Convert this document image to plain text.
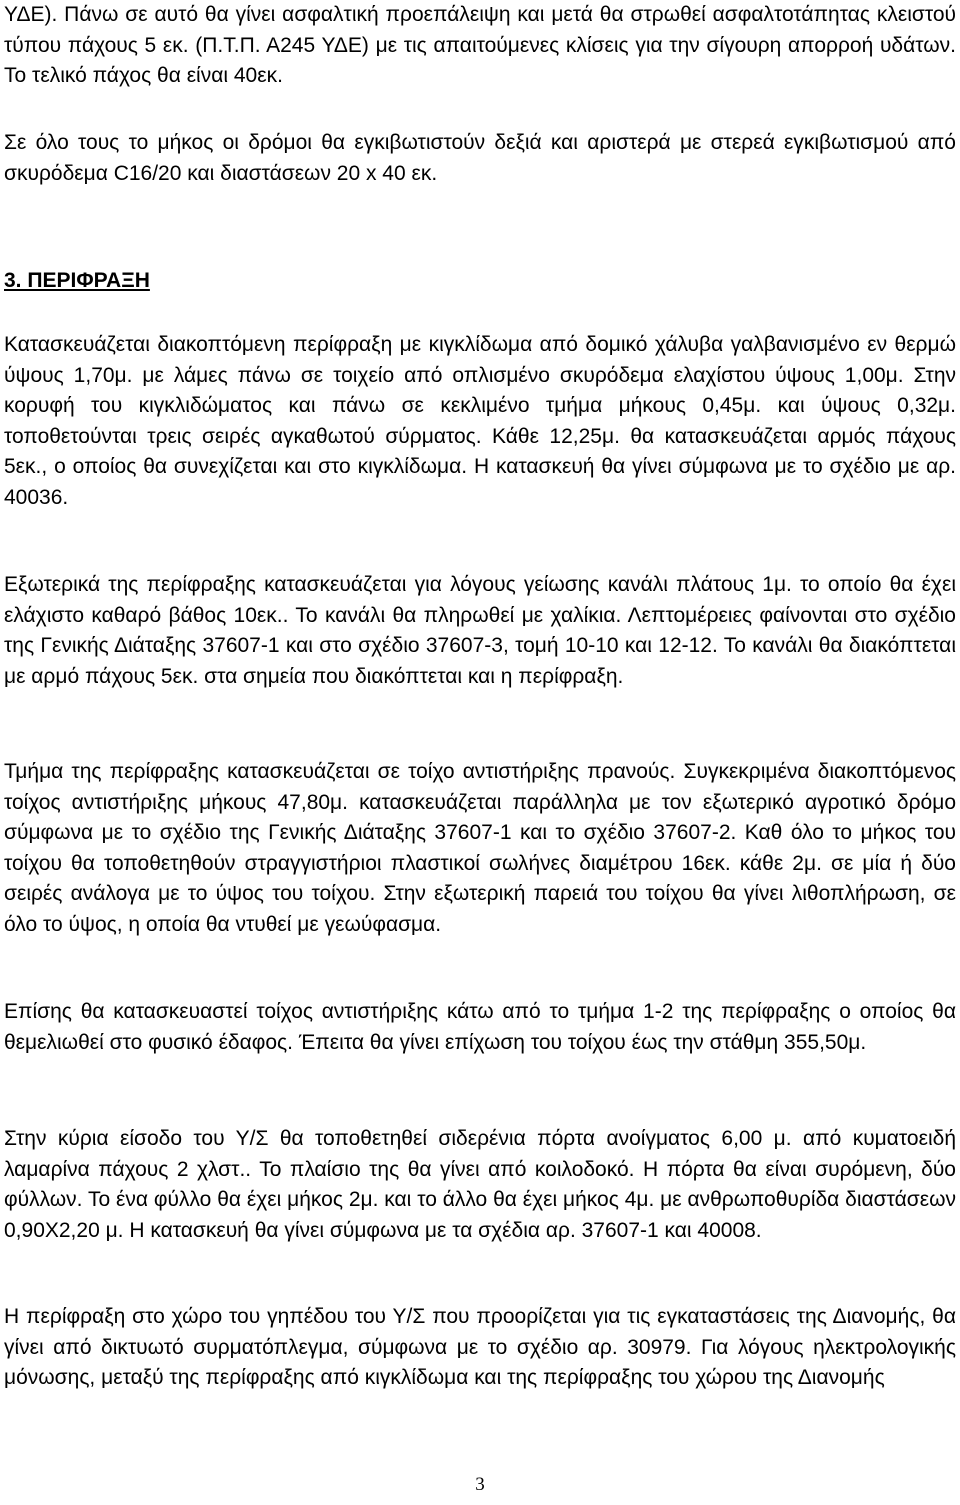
ΥΔΕ). Πάνω σε αυτό θα γίνει ασφαλτική προεπάλειψη και μετά θα στρωθεί ασφαλτοτάπητας κλειστού τύπου πάχους 5 εκ. (Π.Τ.Π. Α245 ΥΔΕ) με τις απαιτούμενες κλίσεις για την σίγουρη απορροή υδάτων. Το τελικό πάχος θα είναι 40εκ.

Σε όλο τους το μήκος οι δρόμοι θα εγκιβωτιστούν δεξιά και αριστερά με στερεά εγκιβωτισμού από σκυρόδεμα C16/20 και διαστάσεων 20 x 40 εκ.

3. ΠΕΡΙΦΡΑΞΗ

Κατασκευάζεται διακοπτόμενη περίφραξη με κιγκλίδωμα από δομικό χάλυβα γαλβανισμένο εν θερμώ ύψους 1,70μ. με λάμες πάνω σε τοιχείο από οπλισμένο σκυρόδεμα ελαχίστου ύψους 1,00μ. Στην κορυφή του κιγκλιδώματος και πάνω σε κεκλιμένο τμήμα μήκους 0,45μ. και ύψους 0,32μ. τοποθετούνται τρεις σειρές αγκαθωτού σύρματος. Κάθε 12,25μ. θα κατασκευάζεται αρμός πάχους 5εκ., ο οποίος θα συνεχίζεται και στο κιγκλίδωμα. Η κατασκευή θα γίνει σύμφωνα με το σχέδιο με αρ. 40036.

Εξωτερικά της περίφραξης κατασκευάζεται για λόγους γείωσης κανάλι πλάτους 1μ. το οποίο θα έχει ελάχιστο καθαρό βάθος 10εκ.. Το κανάλι θα πληρωθεί με χαλίκια. Λεπτομέρειες φαίνονται στο σχέδιο της Γενικής Διάταξης 37607-1 και στο σχέδιο 37607-3, τομή 10-10 και 12-12. Το κανάλι θα διακόπτεται με αρμό πάχους 5εκ. στα σημεία που διακόπτεται και η περίφραξη.

Τμήμα της περίφραξης κατασκευάζεται σε τοίχο αντιστήριξης πρανούς. Συγκεκριμένα διακοπτόμενος τοίχος αντιστήριξης μήκους 47,80μ. κατασκευάζεται παράλληλα με τον εξωτερικό αγροτικό δρόμο σύμφωνα με το σχέδιο της Γενικής Διάταξης 37607-1 και το σχέδιο 37607-2. Καθ όλο το μήκος του τοίχου θα τοποθετηθούν στραγγιστήριοι πλαστικοί σωλήνες διαμέτρου 16εκ. κάθε 2μ. σε μία ή δύο σειρές ανάλογα με το ύψος του τοίχου. Στην εξωτερική παρειά του τοίχου θα γίνει λιθοπλήρωση, σε όλο το ύψος, η οποία θα ντυθεί με γεωύφασμα.

Επίσης θα κατασκευαστεί τοίχος αντιστήριξης κάτω από το τμήμα 1-2 της περίφραξης ο οποίος θα θεμελιωθεί στο φυσικό έδαφος. Έπειτα θα γίνει επίχωση του τοίχου έως την στάθμη 355,50μ.

Στην κύρια είσοδο του Υ/Σ θα τοποθετηθεί σιδερένια πόρτα ανοίγματος 6,00 μ. από κυματοειδή λαμαρίνα πάχους 2 χλστ.. Το πλαίσιο της θα γίνει από κοιλοδοκό. Η πόρτα θα είναι συρόμενη, δύο φύλλων. Το ένα φύλλο θα έχει μήκος 2μ. και το άλλο θα έχει μήκος 4μ. με ανθρωποθυρίδα διαστάσεων 0,90Χ2,20 μ. Η κατασκευή θα γίνει σύμφωνα με τα σχέδια αρ. 37607-1 και 40008.

Η περίφραξη στο χώρο του γηπέδου του Υ/Σ που προορίζεται για τις εγκαταστάσεις της Διανομής, θα γίνει από δικτυωτό συρματόπλεγμα, σύμφωνα με το σχέδιο αρ. 30979. Για λόγους ηλεκτρολογικής μόνωσης, μεταξύ της περίφραξης από κιγκλίδωμα και της περίφραξης του χώρου της Διανομής

3
